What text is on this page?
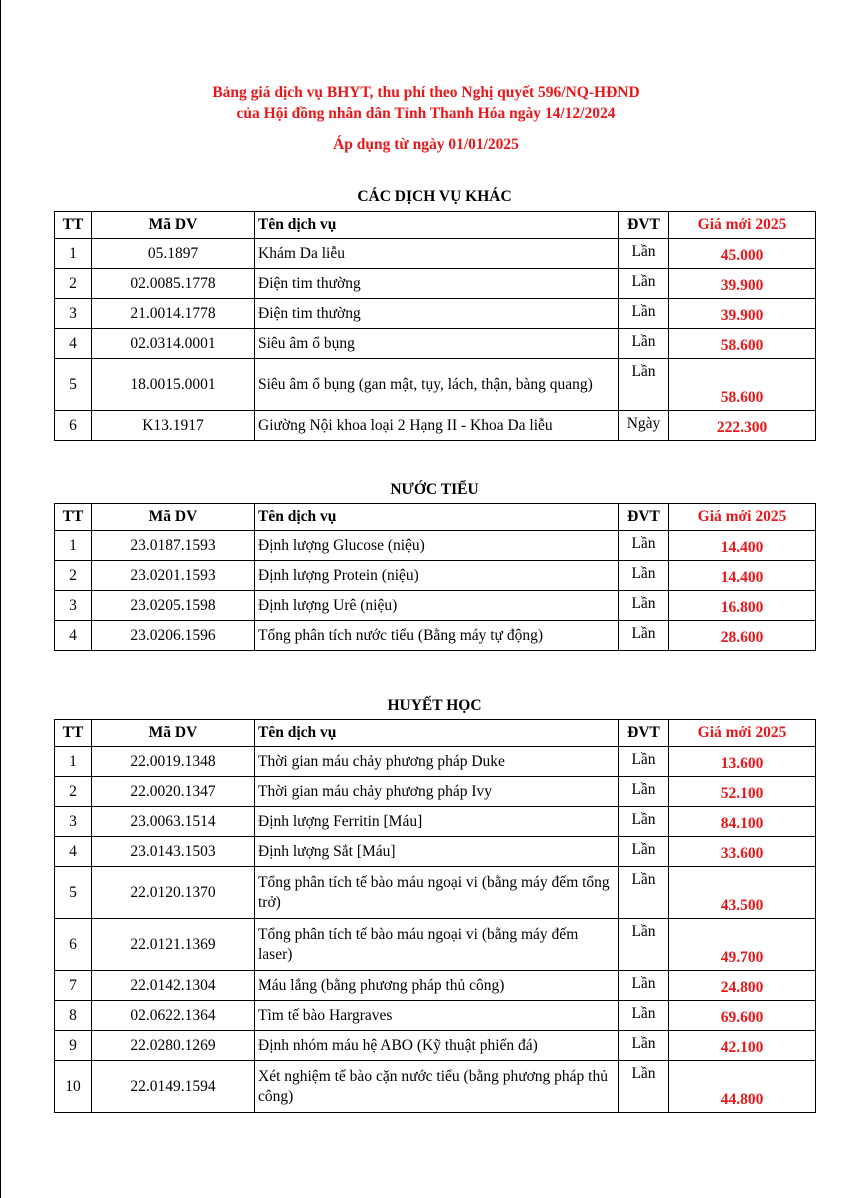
Bảng giá dịch vụ BHYT, thu phí theo Nghị quyết 596/NQ-HĐND
của Hội đồng nhân dân Tỉnh Thanh Hóa ngày 14/12/2024
Áp dụng từ ngày 01/01/2025
CÁC DỊCH VỤ KHÁC
TT	Mã DV	Tên dịch vụ	ĐVT	Giá mới 2025
1	05.1897	Khám Da liễu	Lần	45.000
2	02.0085.1778	Điện tim thường	Lần	39.900
3	21.0014.1778	Điện tim thường	Lần	39.900
4	02.0314.0001	Siêu âm ổ bụng	Lần	58.600
5	18.0015.0001	Siêu âm ổ bụng (gan mật, tụy, lách, thận, bàng quang)	Lần	58.600
6	K13.1917	Giường Nội khoa loại 2 Hạng II - Khoa Da liễu	Ngày	222.300
NƯỚC TIỂU
TT	Mã DV	Tên dịch vụ	ĐVT	Giá mới 2025
1	23.0187.1593	Định lượng Glucose (niệu)	Lần	14.400
2	23.0201.1593	Định lượng Protein (niệu)	Lần	14.400
3	23.0205.1598	Định lượng Urê (niệu)	Lần	16.800
4	23.0206.1596	Tổng phân tích nước tiểu (Bằng máy tự động)	Lần	28.600
HUYẾT HỌC
TT	Mã DV	Tên dịch vụ	ĐVT	Giá mới 2025
1	22.0019.1348	Thời gian máu chảy phương pháp Duke	Lần	13.600
2	22.0020.1347	Thời gian máu chảy phương pháp Ivy	Lần	52.100
3	23.0063.1514	Định lượng Ferritin [Máu]	Lần	84.100
4	23.0143.1503	Định lượng Sắt [Máu]	Lần	33.600
5	22.0120.1370	Tổng phân tích tế bào máu ngoại vi (bằng máy đếm tổng trở)	Lần	43.500
6	22.0121.1369	Tổng phân tích tế bào máu ngoại vi (bằng máy đếm laser)	Lần	49.700
7	22.0142.1304	Máu lắng (bằng phương pháp thủ công)	Lần	24.800
8	02.0622.1364	Tìm tế bào Hargraves	Lần	69.600
9	22.0280.1269	Định nhóm máu hệ ABO (Kỹ thuật phiến đá)	Lần	42.100
10	22.0149.1594	Xét nghiệm tế bào cặn nước tiểu (bằng phương pháp thủ công)	Lần	44.800
